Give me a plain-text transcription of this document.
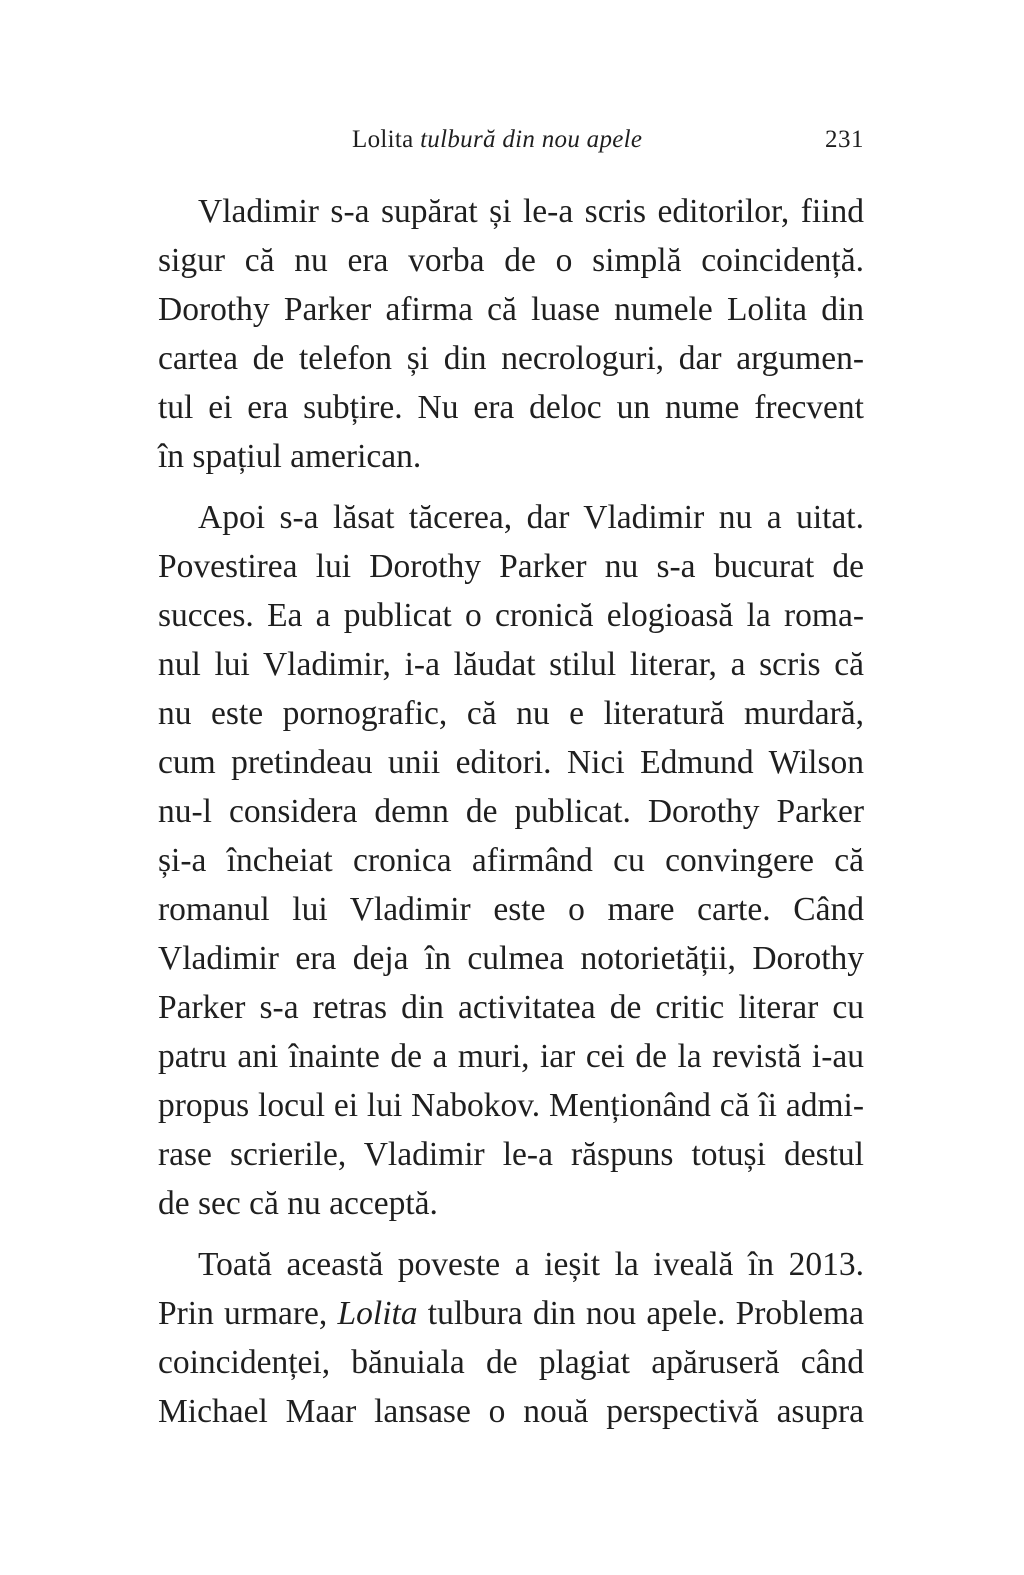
Lolita tulbură din nou apele	231
Vladimir s-a supărat și le-a scris editorilor, fiind
sigur că nu era vorba de o simplă coincidență.
Dorothy Parker afirma că luase numele Lolita din
cartea de telefon și din necrologuri, dar argumen-
tul ei era subțire. Nu era deloc un nume frecvent
în spațiul american.
Apoi s-a lăsat tăcerea, dar Vladimir nu a uitat.
Povestirea lui Dorothy Parker nu s-a bucurat de
succes. Ea a publicat o cronică elogioasă la roma-
nul lui Vladimir, i-a lăudat stilul literar, a scris că
nu este pornografic, că nu e literatură murdară,
cum pretindeau unii editori. Nici Edmund Wilson
nu-l considera demn de publicat. Dorothy Parker
și-a încheiat cronica afirmând cu convingere că
romanul lui Vladimir este o mare carte. Când
Vladimir era deja în culmea notorietății, Dorothy
Parker s-a retras din activitatea de critic literar cu
patru ani înainte de a muri, iar cei de la revistă i-au
propus locul ei lui Nabokov. Menționând că îi admi-
rase scrierile, Vladimir le-a răspuns totuși destul
de sec că nu acceptă.
Toată această poveste a ieșit la iveală în 2013.
Prin urmare, Lolita tulbura din nou apele. Problema
coincidenței, bănuiala de plagiat apăruseră când
Michael Maar lansase o nouă perspectivă asupra
